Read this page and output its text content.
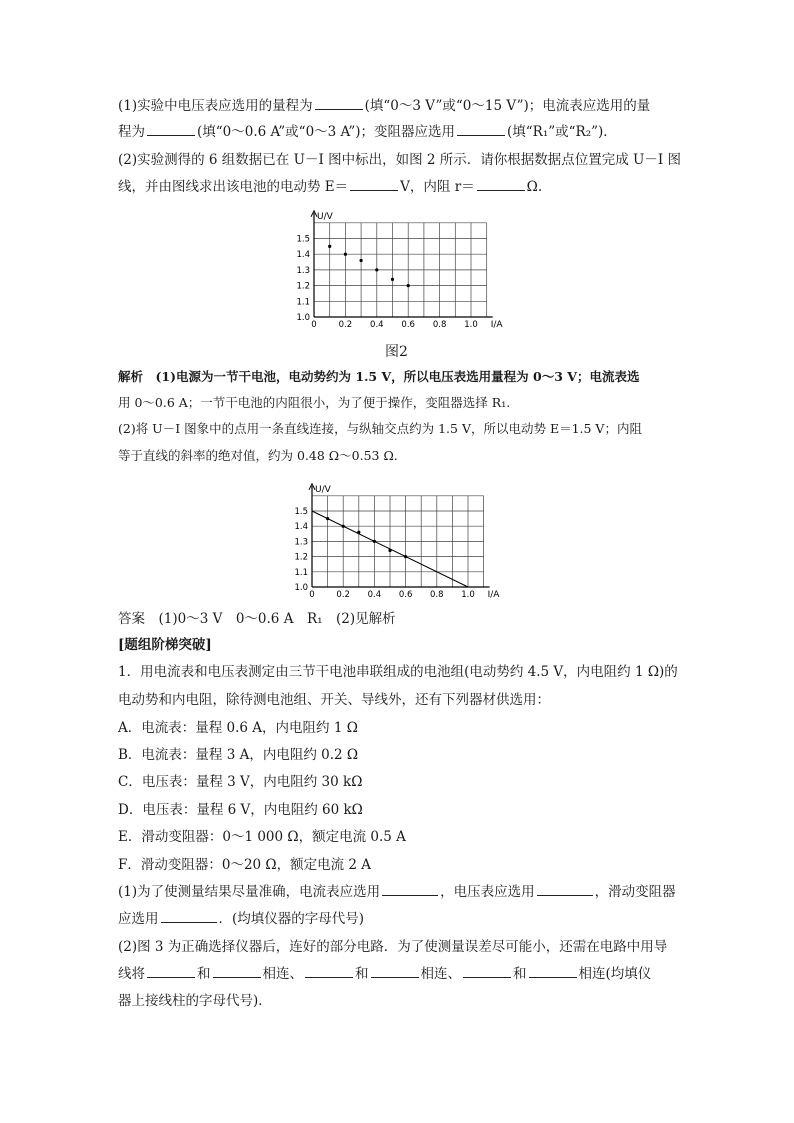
(1)实验中电压表应选用的量程为	(填“0～3 V”或“0～15 V”)；电流表应选用的量
程为	(填“0～0.6 A”或“0～3 A”)；变阻器应选用	(填“R₁”或“R₂”)．
(2)实验测得的 6 组数据已在 U－I 图中标出，如图 2 所示．请你根据数据点位置完成 U－I 图
线，并由图线求出该电池的电动势 E＝	V，内阻 r＝	Ω.
U/V
I/A
0	0.2 0.4 0.6 0.8 1.0
1.0
1.1
1.2
1.3
1.4
1.5
图2
解析　(1)电源为一节干电池，电动势约为 1.5 V，所以电压表选用量程为 0～3 V；电流表选
用 0～0.6 A；一节干电池的内阻很小，为了便于操作，变阻器选择 R₁.
(2)将 U－I 图象中的点用一条直线连接，与纵轴交点约为 1.5 V，所以电动势 E＝1.5 V；内阻
等于直线的斜率的绝对值，约为 0.48 Ω～0.53 Ω.
U/V
I/A
0	0.2 0.4 0.6 0.8 1.0
1.0
1.1
1.2
1.3
1.4
1.5
答案　(1)0～3 V　0～0.6 A　R₁　(2)见解析
[题组阶梯突破]
1．用电流表和电压表测定由三节干电池串联组成的电池组(电动势约 4.5 V，内电阻约 1 Ω)的
电动势和内电阻，除待测电池组、开关、导线外，还有下列器材供选用：
A．电流表：量程 0.6 A，内电阻约 1 Ω
B．电流表：量程 3 A，内电阻约 0.2 Ω
C．电压表：量程 3 V，内电阻约 30 kΩ
D．电压表：量程 6 V，内电阻约 60 kΩ
E．滑动变阻器：0～1 000 Ω，额定电流 0.5 A
F．滑动变阻器：0～20 Ω，额定电流 2 A
(1)为了使测量结果尽量准确，电流表应选用	，电压表应选用	，滑动变阻器
应选用	．(均填仪器的字母代号)
(2)图 3 为正确选择仪器后，连好的部分电路．为了使测量误差尽可能小，还需在电路中用导
线将	和	相连、	和	相连、	和	相连(均填仪
器上接线柱的字母代号)．
